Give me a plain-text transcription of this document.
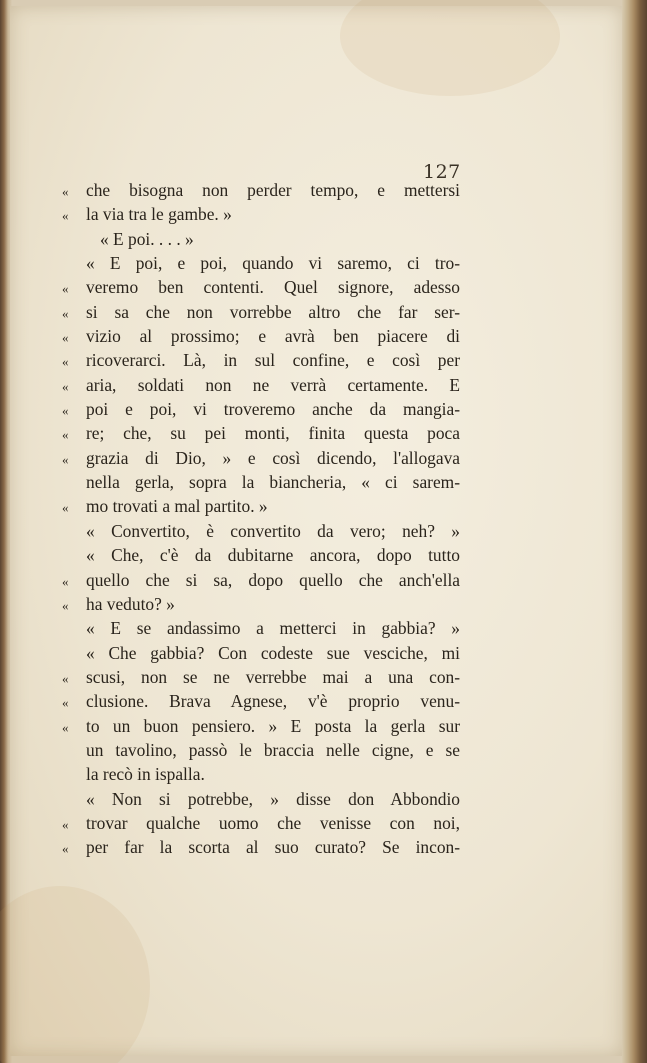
127
«	che bisogna non perder tempo, e mettersi
«	la via tra le gambe. »
« E poi. . . . »
« E poi, e poi, quando vi saremo, ci tro-
«	veremo ben contenti. Quel signore, adesso
«	si sa che non vorrebbe altro che far ser-
«	vizio al prossimo; e avrà ben piacere di
«	ricoverarci. Là, in sul confine, e così per
«	aria, soldati non ne verrà certamente. E
«	poi e poi, vi troveremo anche da mangia-
«	re; che, su pei monti, finita questa poca
«	grazia di Dio, » e così dicendo, l'allogava
nella gerla, sopra la biancheria, « ci sarem-
«	mo trovati a mal partito. »
« Convertito, è convertito da vero; neh? »
« Che, c'è da dubitarne ancora, dopo tutto
«	quello che si sa, dopo quello che anch'ella
«	ha veduto? »
« E se andassimo a metterci in gabbia? »
« Che gabbia? Con codeste sue vesciche, mi
«	scusi, non se ne verrebbe mai a una con-
«	clusione. Brava Agnese, v'è proprio venu-
«	to un buon pensiero. » E posta la gerla sur
un tavolino, passò le braccia nelle cigne, e se
la recò in ispalla.
« Non si potrebbe, » disse don Abbondio
«	trovar qualche uomo che venisse con noi,
«	per far la scorta al suo curato? Se incon-
